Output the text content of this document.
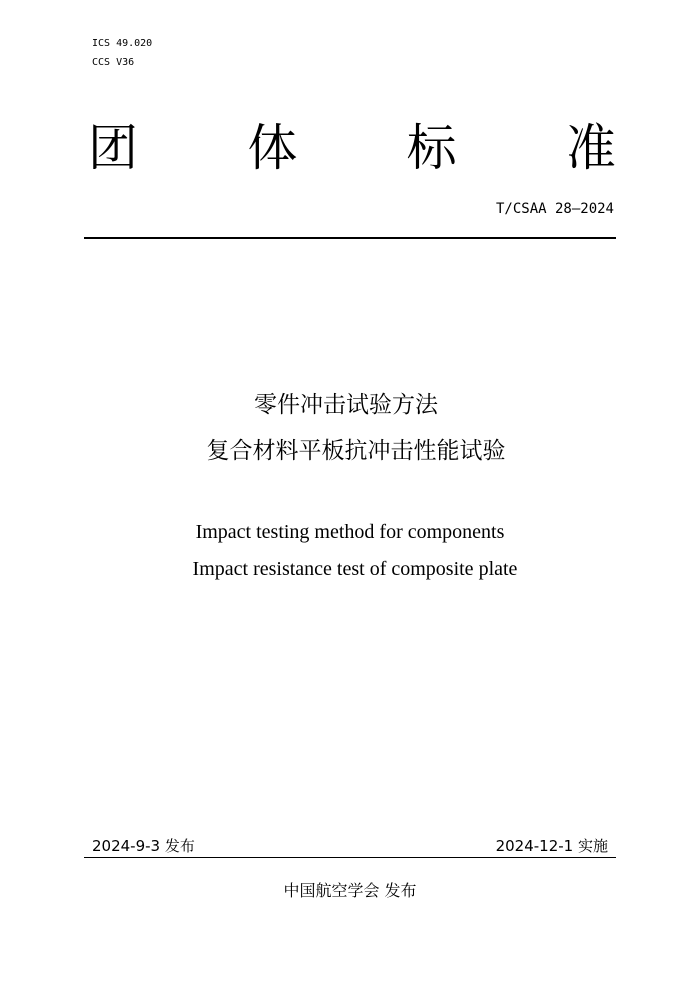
ICS 49.020
CCS V36
团 体 标 准
T/CSAA 28—2024
零件冲击试验方法
复合材料平板抗冲击性能试验
Impact testing method for components
Impact resistance test of composite plate
2024-9-3 发布	2024-12-1 实施
中国航空学会 发布
